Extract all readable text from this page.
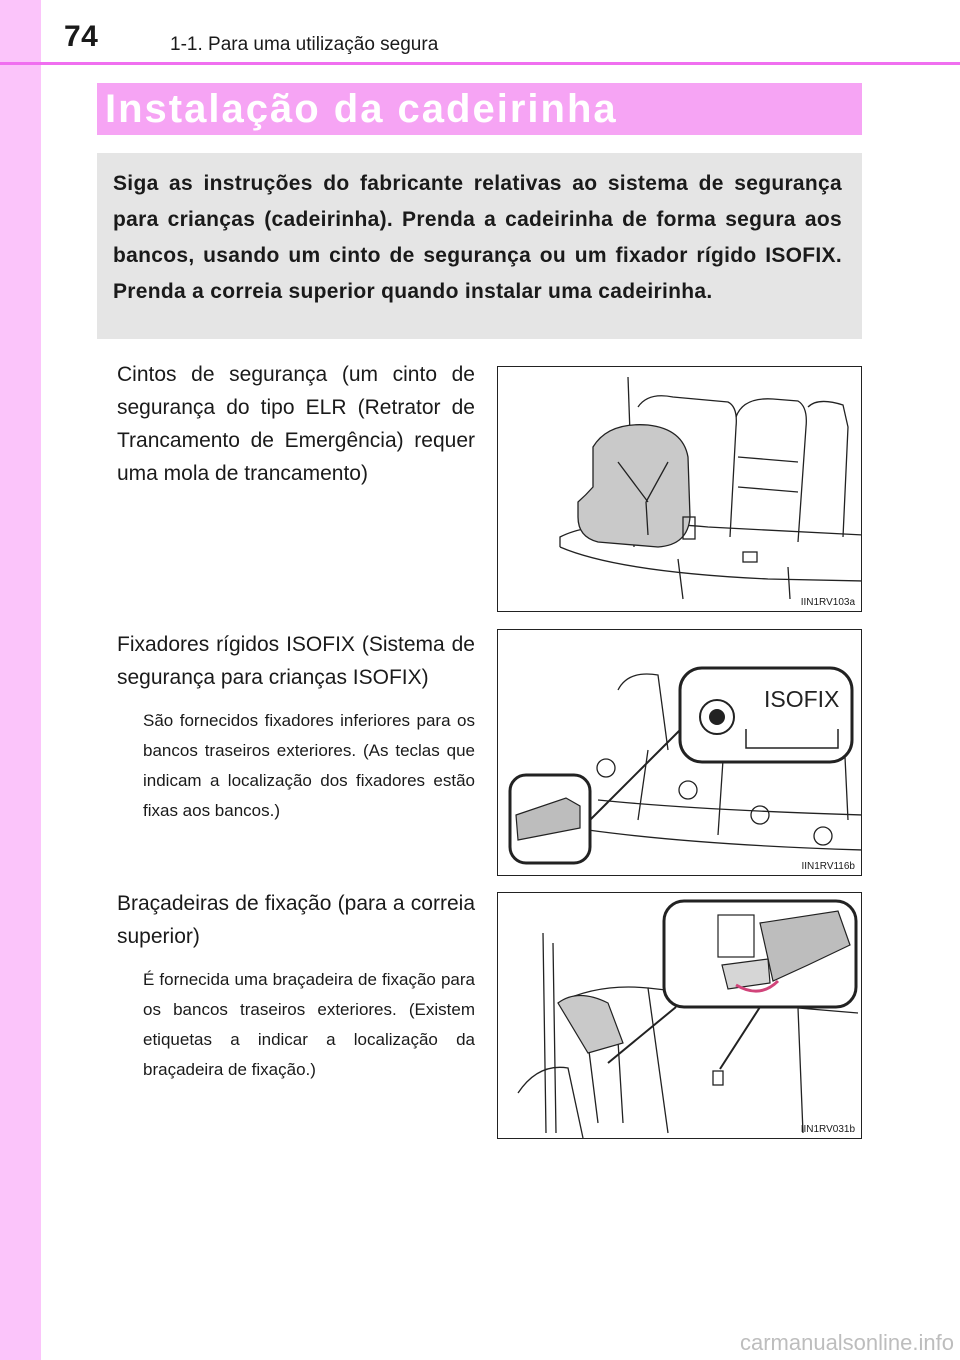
74	1-1. Para uma utilização segura
Instalação da cadeirinha
Siga as instruções do fabricante relativas ao sistema de segurança para crianças (cadeirinha). Prenda a cadeirinha de forma segura aos bancos, usando um cinto de segurança ou um fixador rígido ISOFIX. Prenda a correia superior quando instalar uma cadeirinha.
Cintos de segurança (um cinto de segurança do tipo ELR (Retrator de Trancamento de Emergência) requer uma mola de trancamento)
IIN1RV103a
Fixadores rígidos ISOFIX (Sistema de segurança para crianças ISOFIX)
São fornecidos fixadores inferiores para os bancos traseiros exteriores. (As teclas que indicam a localização dos fixadores estão fixas aos bancos.)
ISOFIX
IIN1RV116b
Braçadeiras de fixação (para a correia superior)
É fornecida uma braçadeira de fixação para os bancos traseiros exteriores. (Existem etiquetas a indicar a localização da braçadeira de fixação.)
IIN1RV031b
carmanualsonline.info
